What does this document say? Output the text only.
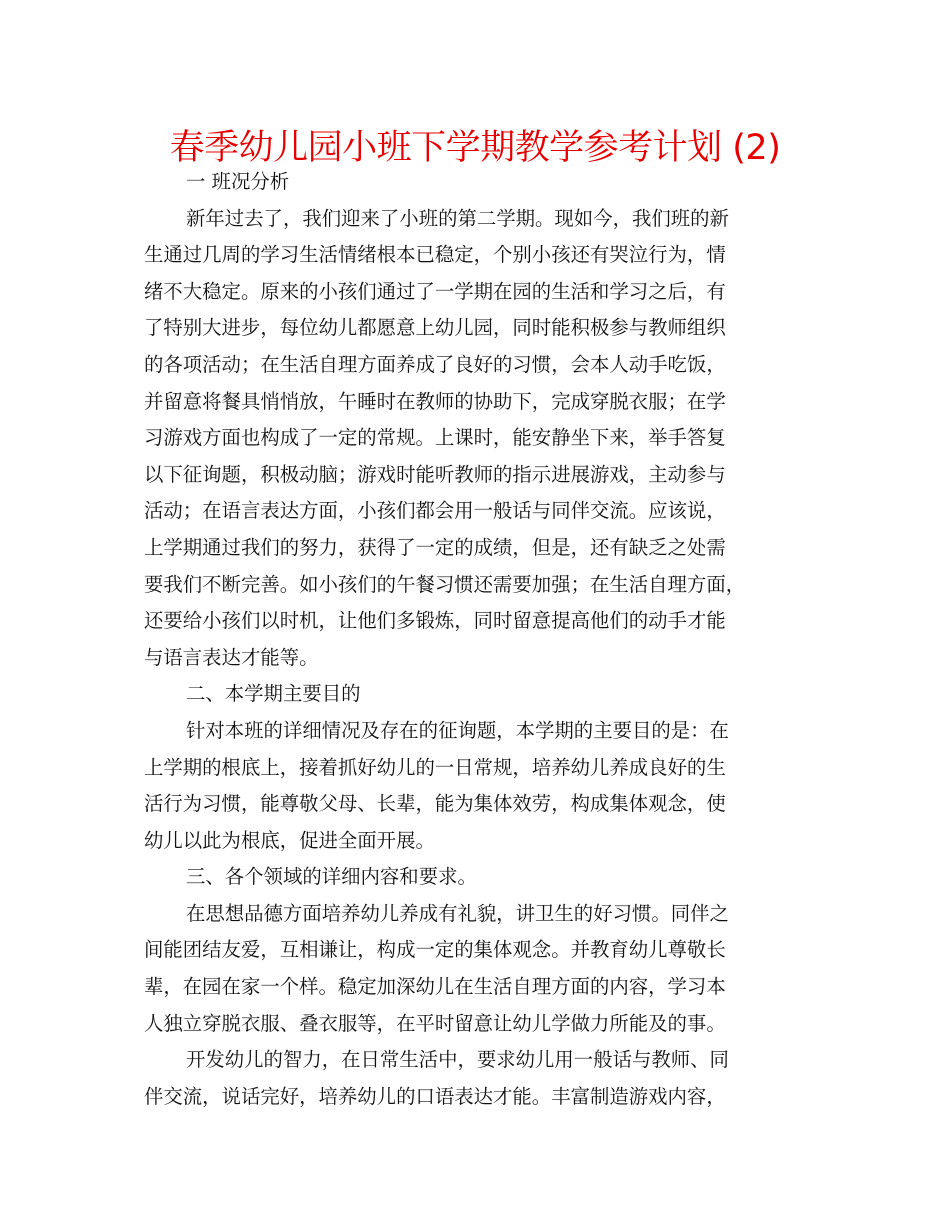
春季幼儿园小班下学期教学参考计划 (2)
一 班况分析
新年过去了，我们迎来了小班的第二学期。现如今，我们班的新
生通过几周的学习生活情绪根本已稳定，个别小孩还有哭泣行为，情
绪不大稳定。原来的小孩们通过了一学期在园的生活和学习之后，有
了特别大进步，每位幼儿都愿意上幼儿园，同时能积极参与教师组织
的各项活动；在生活自理方面养成了良好的习惯，会本人动手吃饭，
并留意将餐具悄悄放，午睡时在教师的协助下，完成穿脱衣服；在学
习游戏方面也构成了一定的常规。上课时，能安静坐下来，举手答复
以下征询题，积极动脑；游戏时能听教师的指示进展游戏，主动参与
活动；在语言表达方面，小孩们都会用一般话与同伴交流。应该说，
上学期通过我们的努力，获得了一定的成绩，但是，还有缺乏之处需
要我们不断完善。如小孩们的午餐习惯还需要加强；在生活自理方面，
还要给小孩们以时机，让他们多锻炼，同时留意提高他们的动手才能
与语言表达才能等。
二、本学期主要目的
针对本班的详细情况及存在的征询题，本学期的主要目的是：在
上学期的根底上，接着抓好幼儿的一日常规，培养幼儿养成良好的生
活行为习惯，能尊敬父母、长辈，能为集体效劳，构成集体观念，使
幼儿以此为根底，促进全面开展。
三、各个领域的详细内容和要求。
在思想品德方面培养幼儿养成有礼貌，讲卫生的好习惯。同伴之
间能团结友爱，互相谦让，构成一定的集体观念。并教育幼儿尊敬长
辈，在园在家一个样。稳定加深幼儿在生活自理方面的内容，学习本
人独立穿脱衣服、叠衣服等，在平时留意让幼儿学做力所能及的事。
开发幼儿的智力，在日常生活中，要求幼儿用一般话与教师、同
伴交流，说话完好，培养幼儿的口语表达才能。丰富制造游戏内容，
